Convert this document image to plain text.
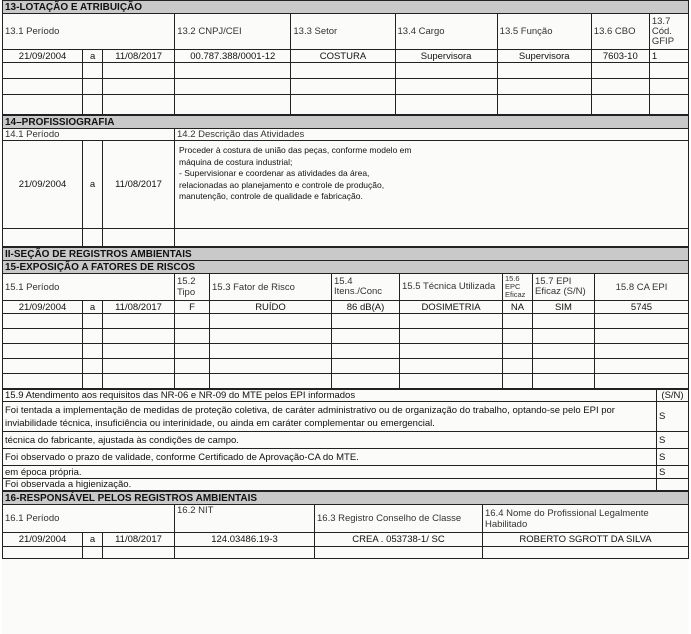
13-LOTAÇÃO E ATRIBUIÇÃO								
13.1 Período			13.2 CNPJ/CEI	13.3 Setor	13.4 Cargo	13.5 Função	13.6 CBO	13.7 Cód. GFIP
21/09/2004	a	11/08/2017	00.787.388/0001-12	COSTURA	Supervisora	Supervisora	7603-10	1

14–PROFISSIOGRAFIA			
14.1 Período			14.2 Descrição das Atividades
21/09/2004	a	11/08/2017	Proceder à costura de união das peças, conforme modelo em máquina de costura industrial;
- Supervisionar e coordenar as atividades da área, relacionadas ao planejamento e controle de produção, manutenção, controle de qualidade e fabricação.

II-SEÇÃO DE REGISTROS AMBIENTAIS									
15-EXPOSIÇÃO A FATORES DE RISCOS									
15.1 Período			15.2 Tipo	15.3 Fator de Risco	15.4 Itens./Conc	15.5 Técnica Utilizada	15.6 EPC Eficaz	15.7 EPI Eficaz (S/N)	15.8 CA EPI
21/09/2004	a	11/08/2017	F	RUÍDO	86 dB(A)	DOSIMETRIA	NA	SIM	5745

15.9 Atendimento aos requisitos das NR-06 e NR-09 do MTE pelos EPI informados	(S/N)
Foi tentada a implementação de medidas de proteção coletiva, de caráter administrativo ou de organização do trabalho, optando-se pelo EPI por inviabilidade técnica, insuficiência ou interinidade, ou ainda em caráter complementar ou emergencial.	S
técnica do fabricante, ajustada às condições de campo.	S
Foi observado o prazo de validade, conforme Certificado de Aprovação-CA do MTE.	S
em época própria.	S
Foi observada a higienização.	
16-RESPONSÁVEL PELOS REGISTROS AMBIENTAIS					
16.1 Período			16.2 NIT	16.3 Registro Conselho de Classe	16.4 Nome do Profissional Legalmente Habilitado
21/09/2004	a	11/08/2017	124.03486.19-3	CREA . 053738-1/ SC	ROBERTO SGROTT DA SILVA
